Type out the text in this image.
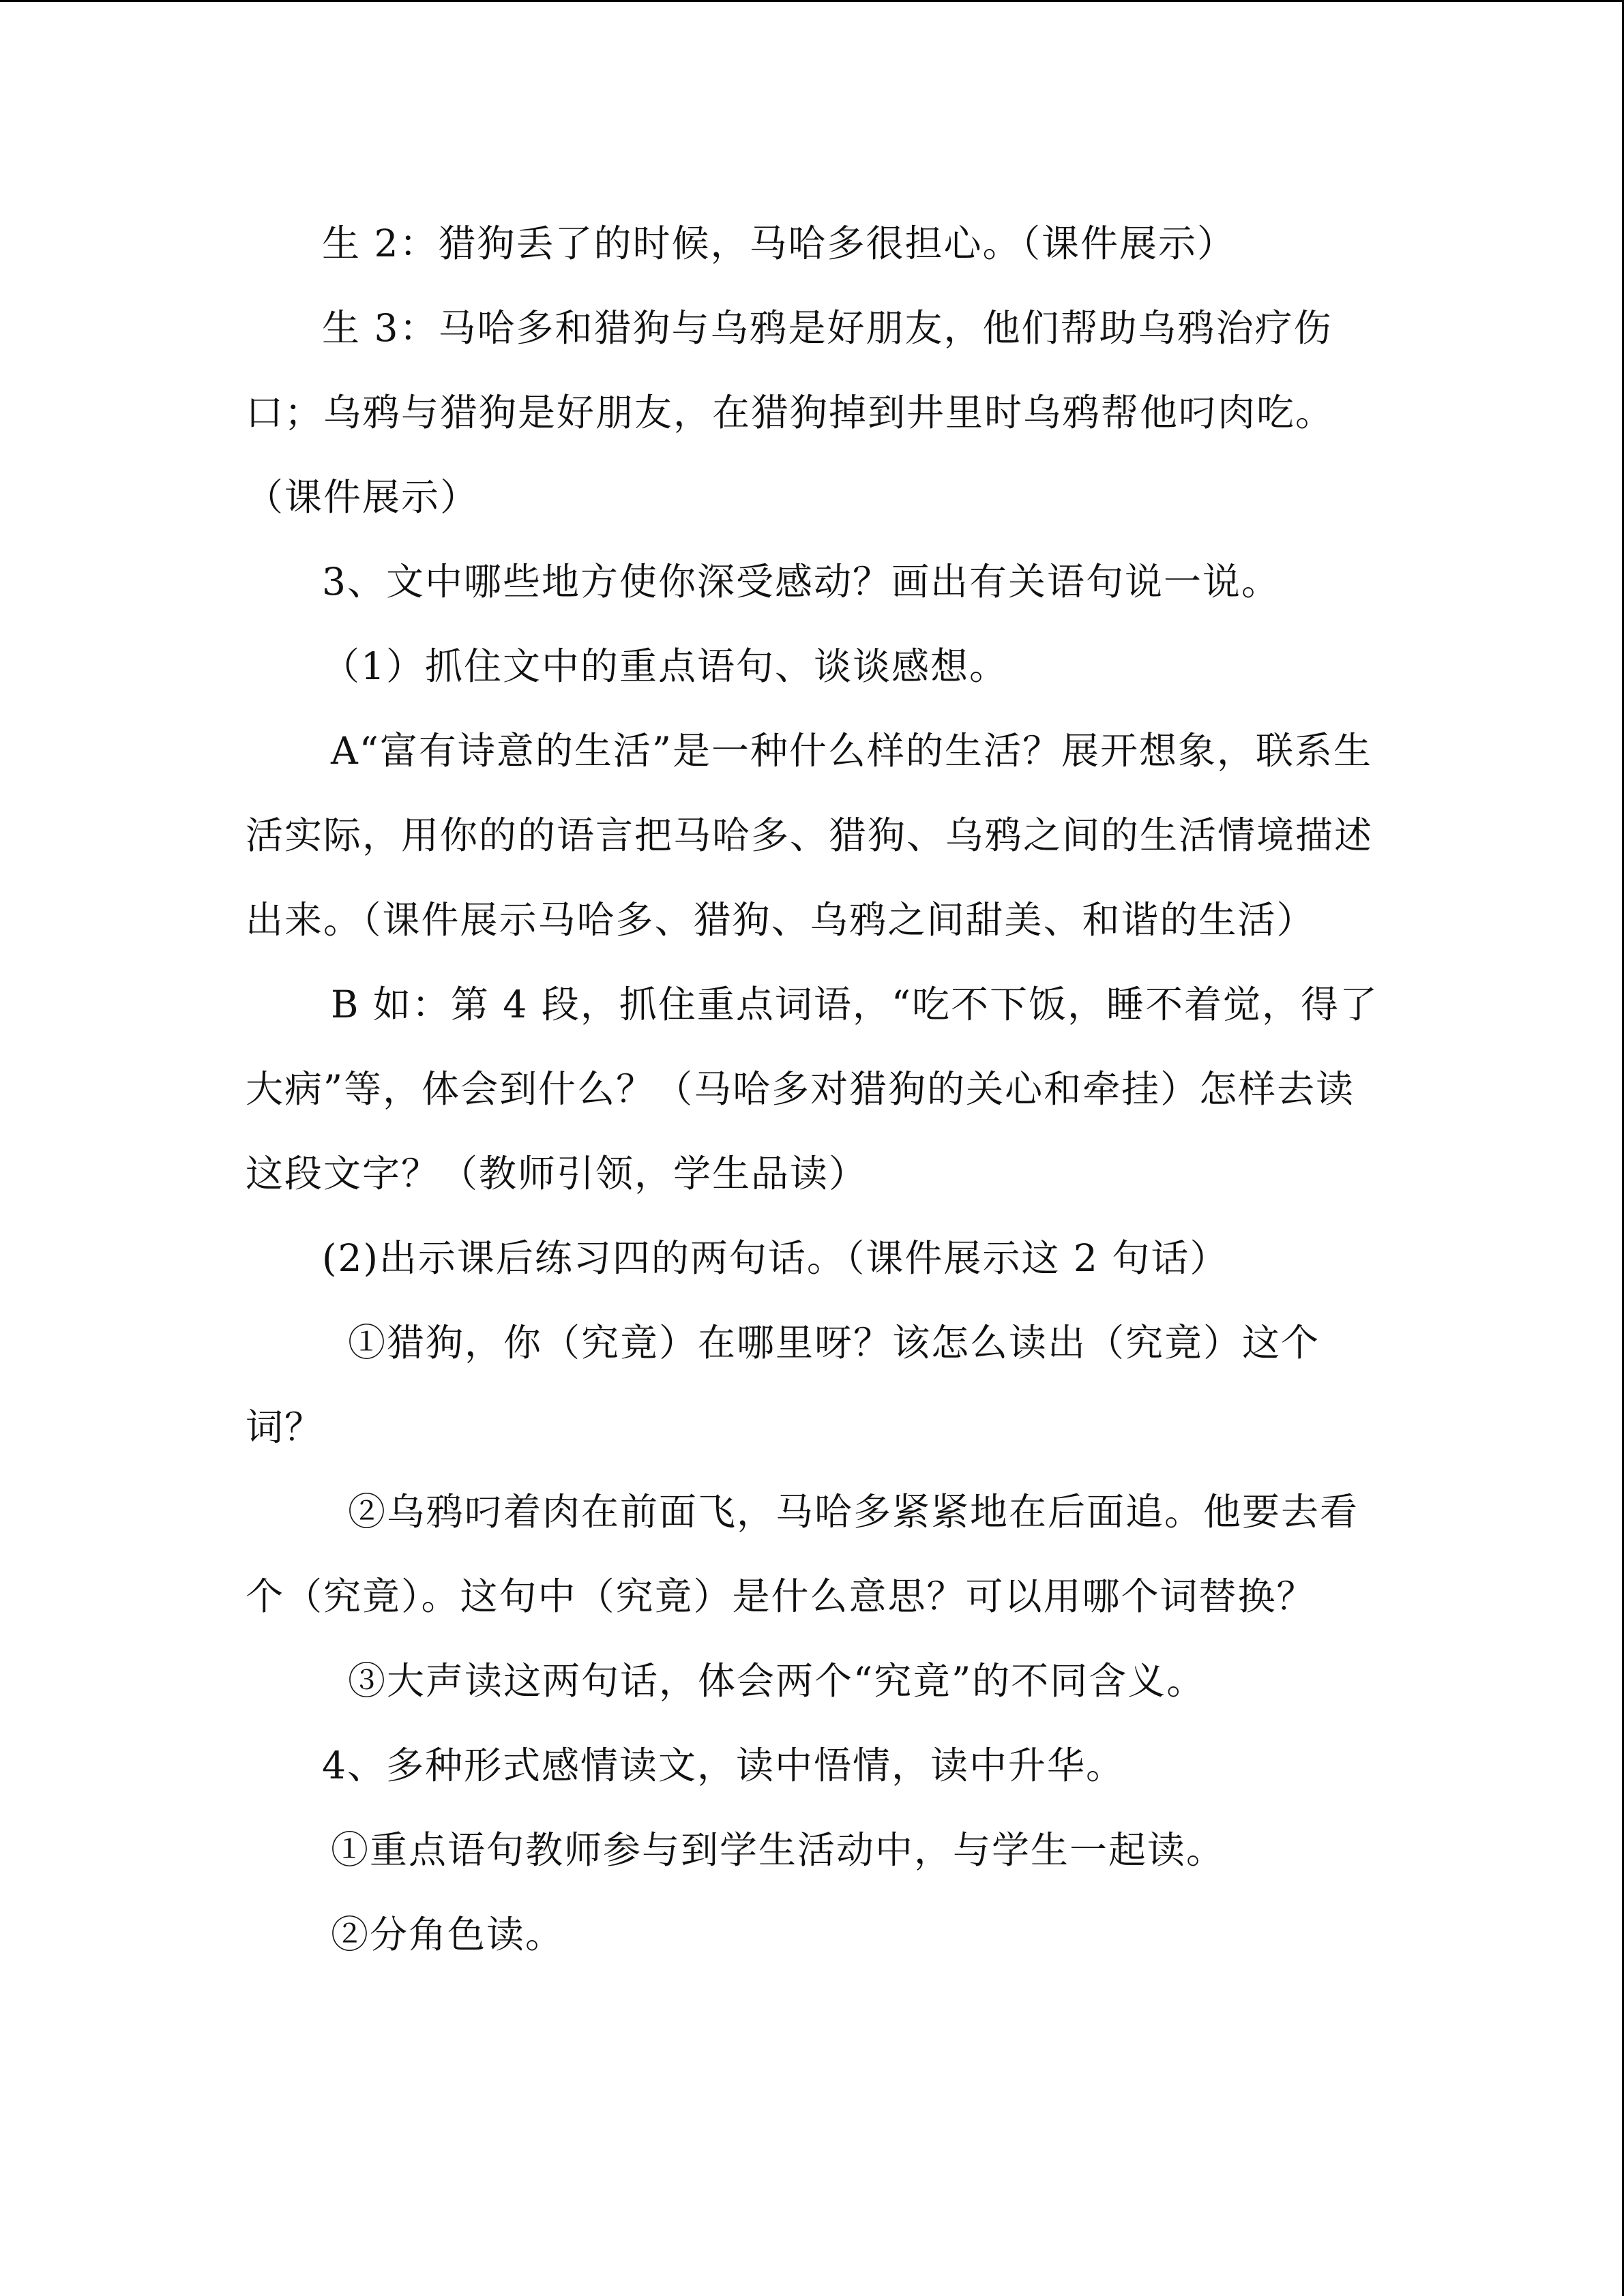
生 2：猎狗丢了的时候，马哈多很担心。（课件展示）

生 3：马哈多和猎狗与乌鸦是好朋友，他们帮助乌鸦治疗伤口；乌鸦与猎狗是好朋友，在猎狗掉到井里时乌鸦帮他叼肉吃。（课件展示）

3、文中哪些地方使你深受感动？画出有关语句说一说。

（1）抓住文中的重点语句、谈谈感想。

A“富有诗意的生活”是一种什么样的生活？展开想象，联系生活实际，用你的的语言把马哈多、猎狗、乌鸦之间的生活情境描述出来。（课件展示马哈多、猎狗、乌鸦之间甜美、和谐的生活）

B 如：第 4 段，抓住重点词语，“吃不下饭，睡不着觉，得了大病”等，体会到什么？（马哈多对猎狗的关心和牵挂）怎样去读这段文字？（教师引领，学生品读）

(2)出示课后练习四的两句话。（课件展示这 2 句话）

①猎狗，你（究竟）在哪里呀？该怎么读出（究竟）这个词？

②乌鸦叼着肉在前面飞，马哈多紧紧地在后面追。他要去看个（究竟）。这句中（究竟）是什么意思？可以用哪个词替换？

③大声读这两句话，体会两个“究竟”的不同含义。

4、多种形式感情读文，读中悟情，读中升华。

①重点语句教师参与到学生活动中，与学生一起读。

②分角色读。
